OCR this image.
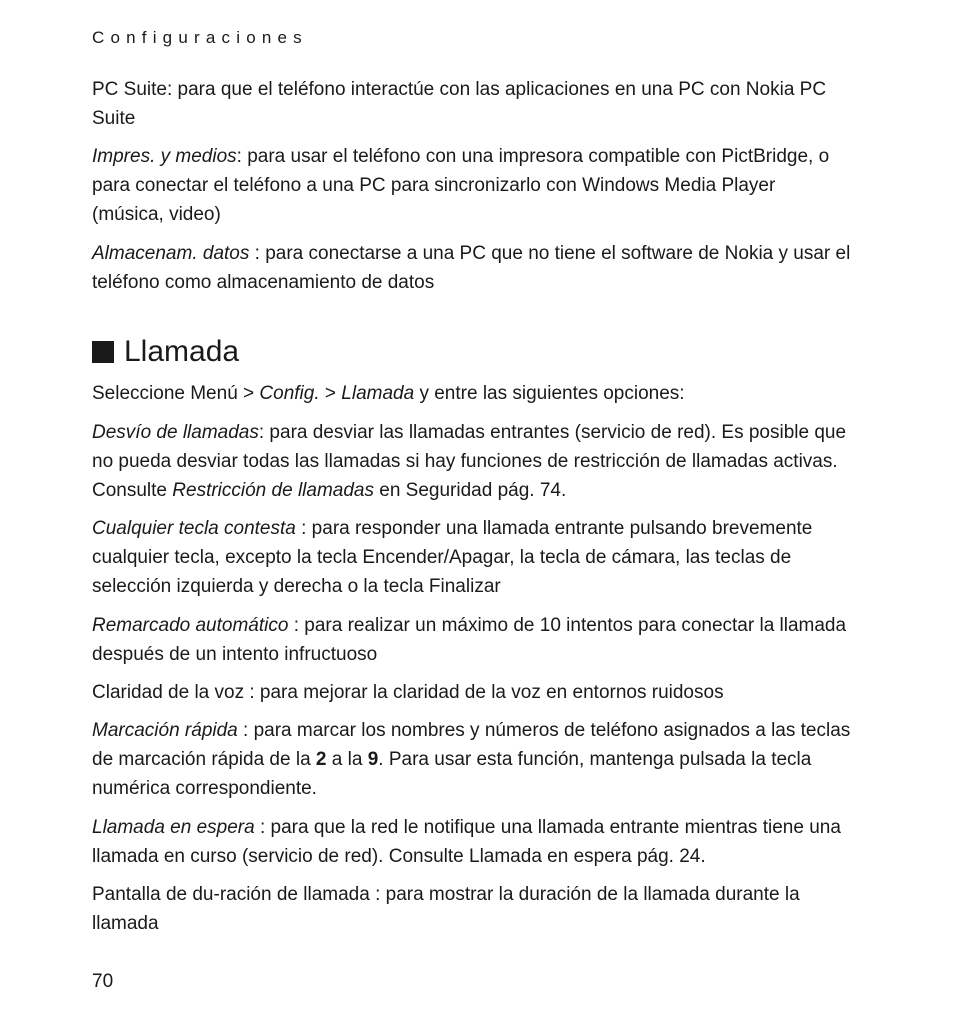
Configuraciones

PC Suite: para que el teléfono interactúe con las aplicaciones en una PC con Nokia PC Suite

Impres. y medios: para usar el teléfono con una impresora compatible con PictBridge, o para conectar el teléfono a una PC para sincronizarlo con Windows Media Player (música, video)

Almacenam. datos : para conectarse a una PC que no tiene el software de Nokia y usar el teléfono como almacenamiento de datos

Llamada

Seleccione Menú > Config. > Llamada y entre las siguientes opciones:

Desvío de llamadas: para desviar las llamadas entrantes (servicio de red). Es posible que no pueda desviar todas las llamadas si hay funciones de restricción de llamadas activas. Consulte Restricción de llamadas en Seguridad pág. 74.

Cualquier tecla contesta : para responder una llamada entrante pulsando brevemente cualquier tecla, excepto la tecla Encender/Apagar, la tecla de cámara, las teclas de selección izquierda y derecha o la tecla Finalizar

Remarcado automático : para realizar un máximo de 10 intentos para conectar la llamada después de un intento infructuoso

Claridad de la voz : para mejorar la claridad de la voz en entornos ruidosos

Marcación rápida : para marcar los nombres y números de teléfono asignados a las teclas de marcación rápida de la 2 a la 9. Para usar esta función, mantenga pulsada la tecla numérica correspondiente.

Llamada en espera : para que la red le notifique una llamada entrante mientras tiene una llamada en curso (servicio de red). Consulte Llamada en espera pág. 24.

Pantalla de du-ración de llamada : para mostrar la duración de la llamada durante la llamada

70
